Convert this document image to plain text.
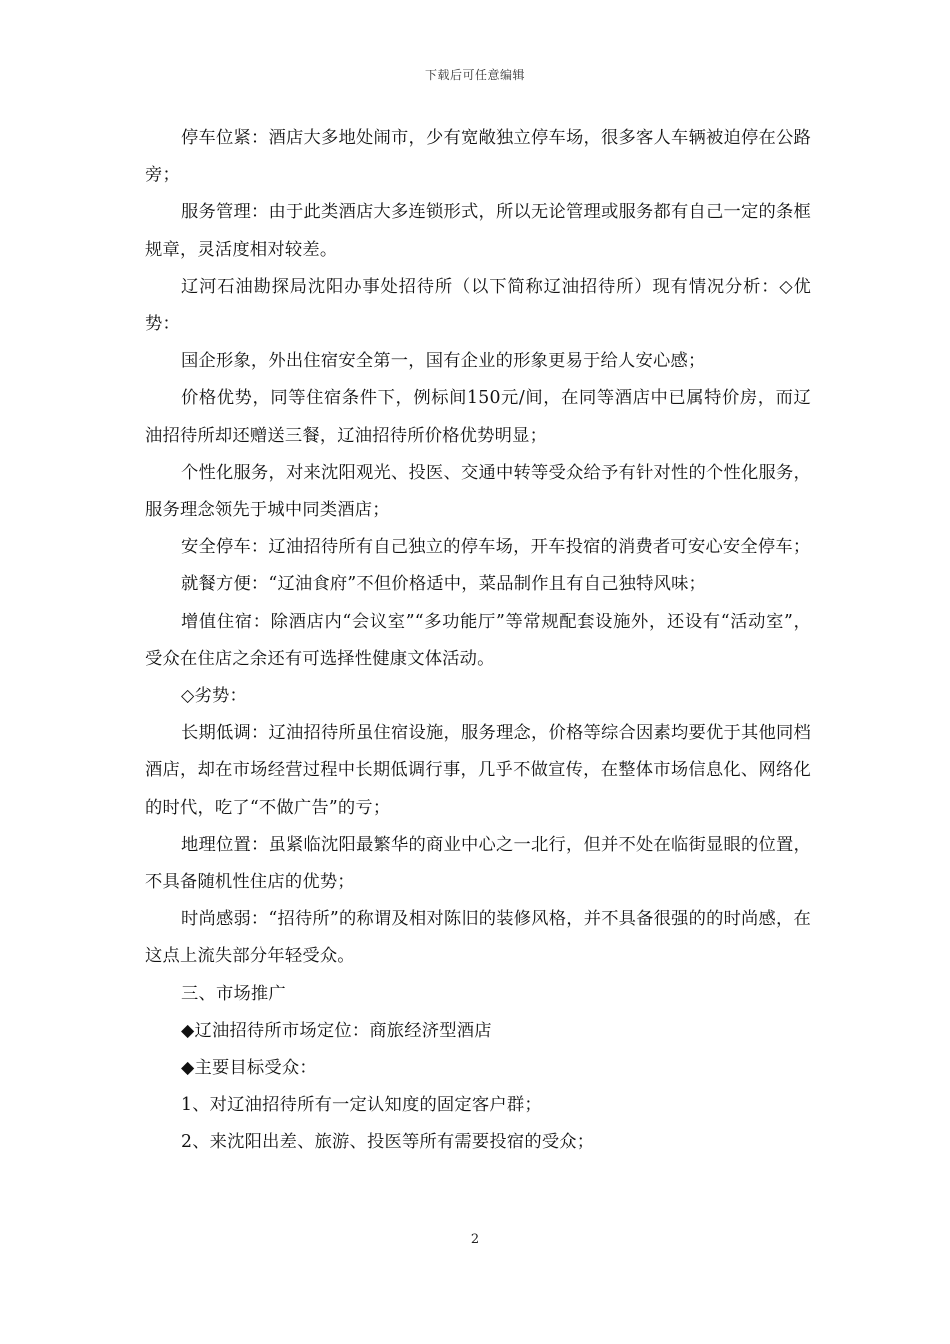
下载后可任意编辑

停车位紧：酒店大多地处闹市，少有宽敞独立停车场，很多客人车辆被迫停在公路旁；

服务管理：由于此类酒店大多连锁形式，所以无论管理或服务都有自己一定的条框规章，灵活度相对较差。

辽河石油勘探局沈阳办事处招待所（以下简称辽油招待所）现有情况分析：◇优势：

国企形象，外出住宿安全第一，国有企业的形象更易于给人安心感；

价格优势，同等住宿条件下，例标间150元/间，在同等酒店中已属特价房，而辽油招待所却还赠送三餐，辽油招待所价格优势明显；

个性化服务，对来沈阳观光、投医、交通中转等受众给予有针对性的个性化服务，服务理念领先于城中同类酒店；

安全停车：辽油招待所有自己独立的停车场，开车投宿的消费者可安心安全停车；

就餐方便：“辽油食府”不但价格适中，菜品制作且有自己独特风味；

增值住宿：除酒店内“会议室”“多功能厅”等常规配套设施外，还设有“活动室”，受众在住店之余还有可选择性健康文体活动。

◇劣势：

长期低调：辽油招待所虽住宿设施，服务理念，价格等综合因素均要优于其他同档酒店，却在市场经营过程中长期低调行事，几乎不做宣传，在整体市场信息化、网络化的时代，吃了“不做广告”的亏；

地理位置：虽紧临沈阳最繁华的商业中心之一北行，但并不处在临街显眼的位置，不具备随机性住店的优势；

时尚感弱：“招待所”的称谓及相对陈旧的装修风格，并不具备很强的的时尚感，在这点上流失部分年轻受众。

三、市场推广

◆辽油招待所市场定位：商旅经济型酒店

◆主要目标受众：

1、对辽油招待所有一定认知度的固定客户群；

2、来沈阳出差、旅游、投医等所有需要投宿的受众；

2
